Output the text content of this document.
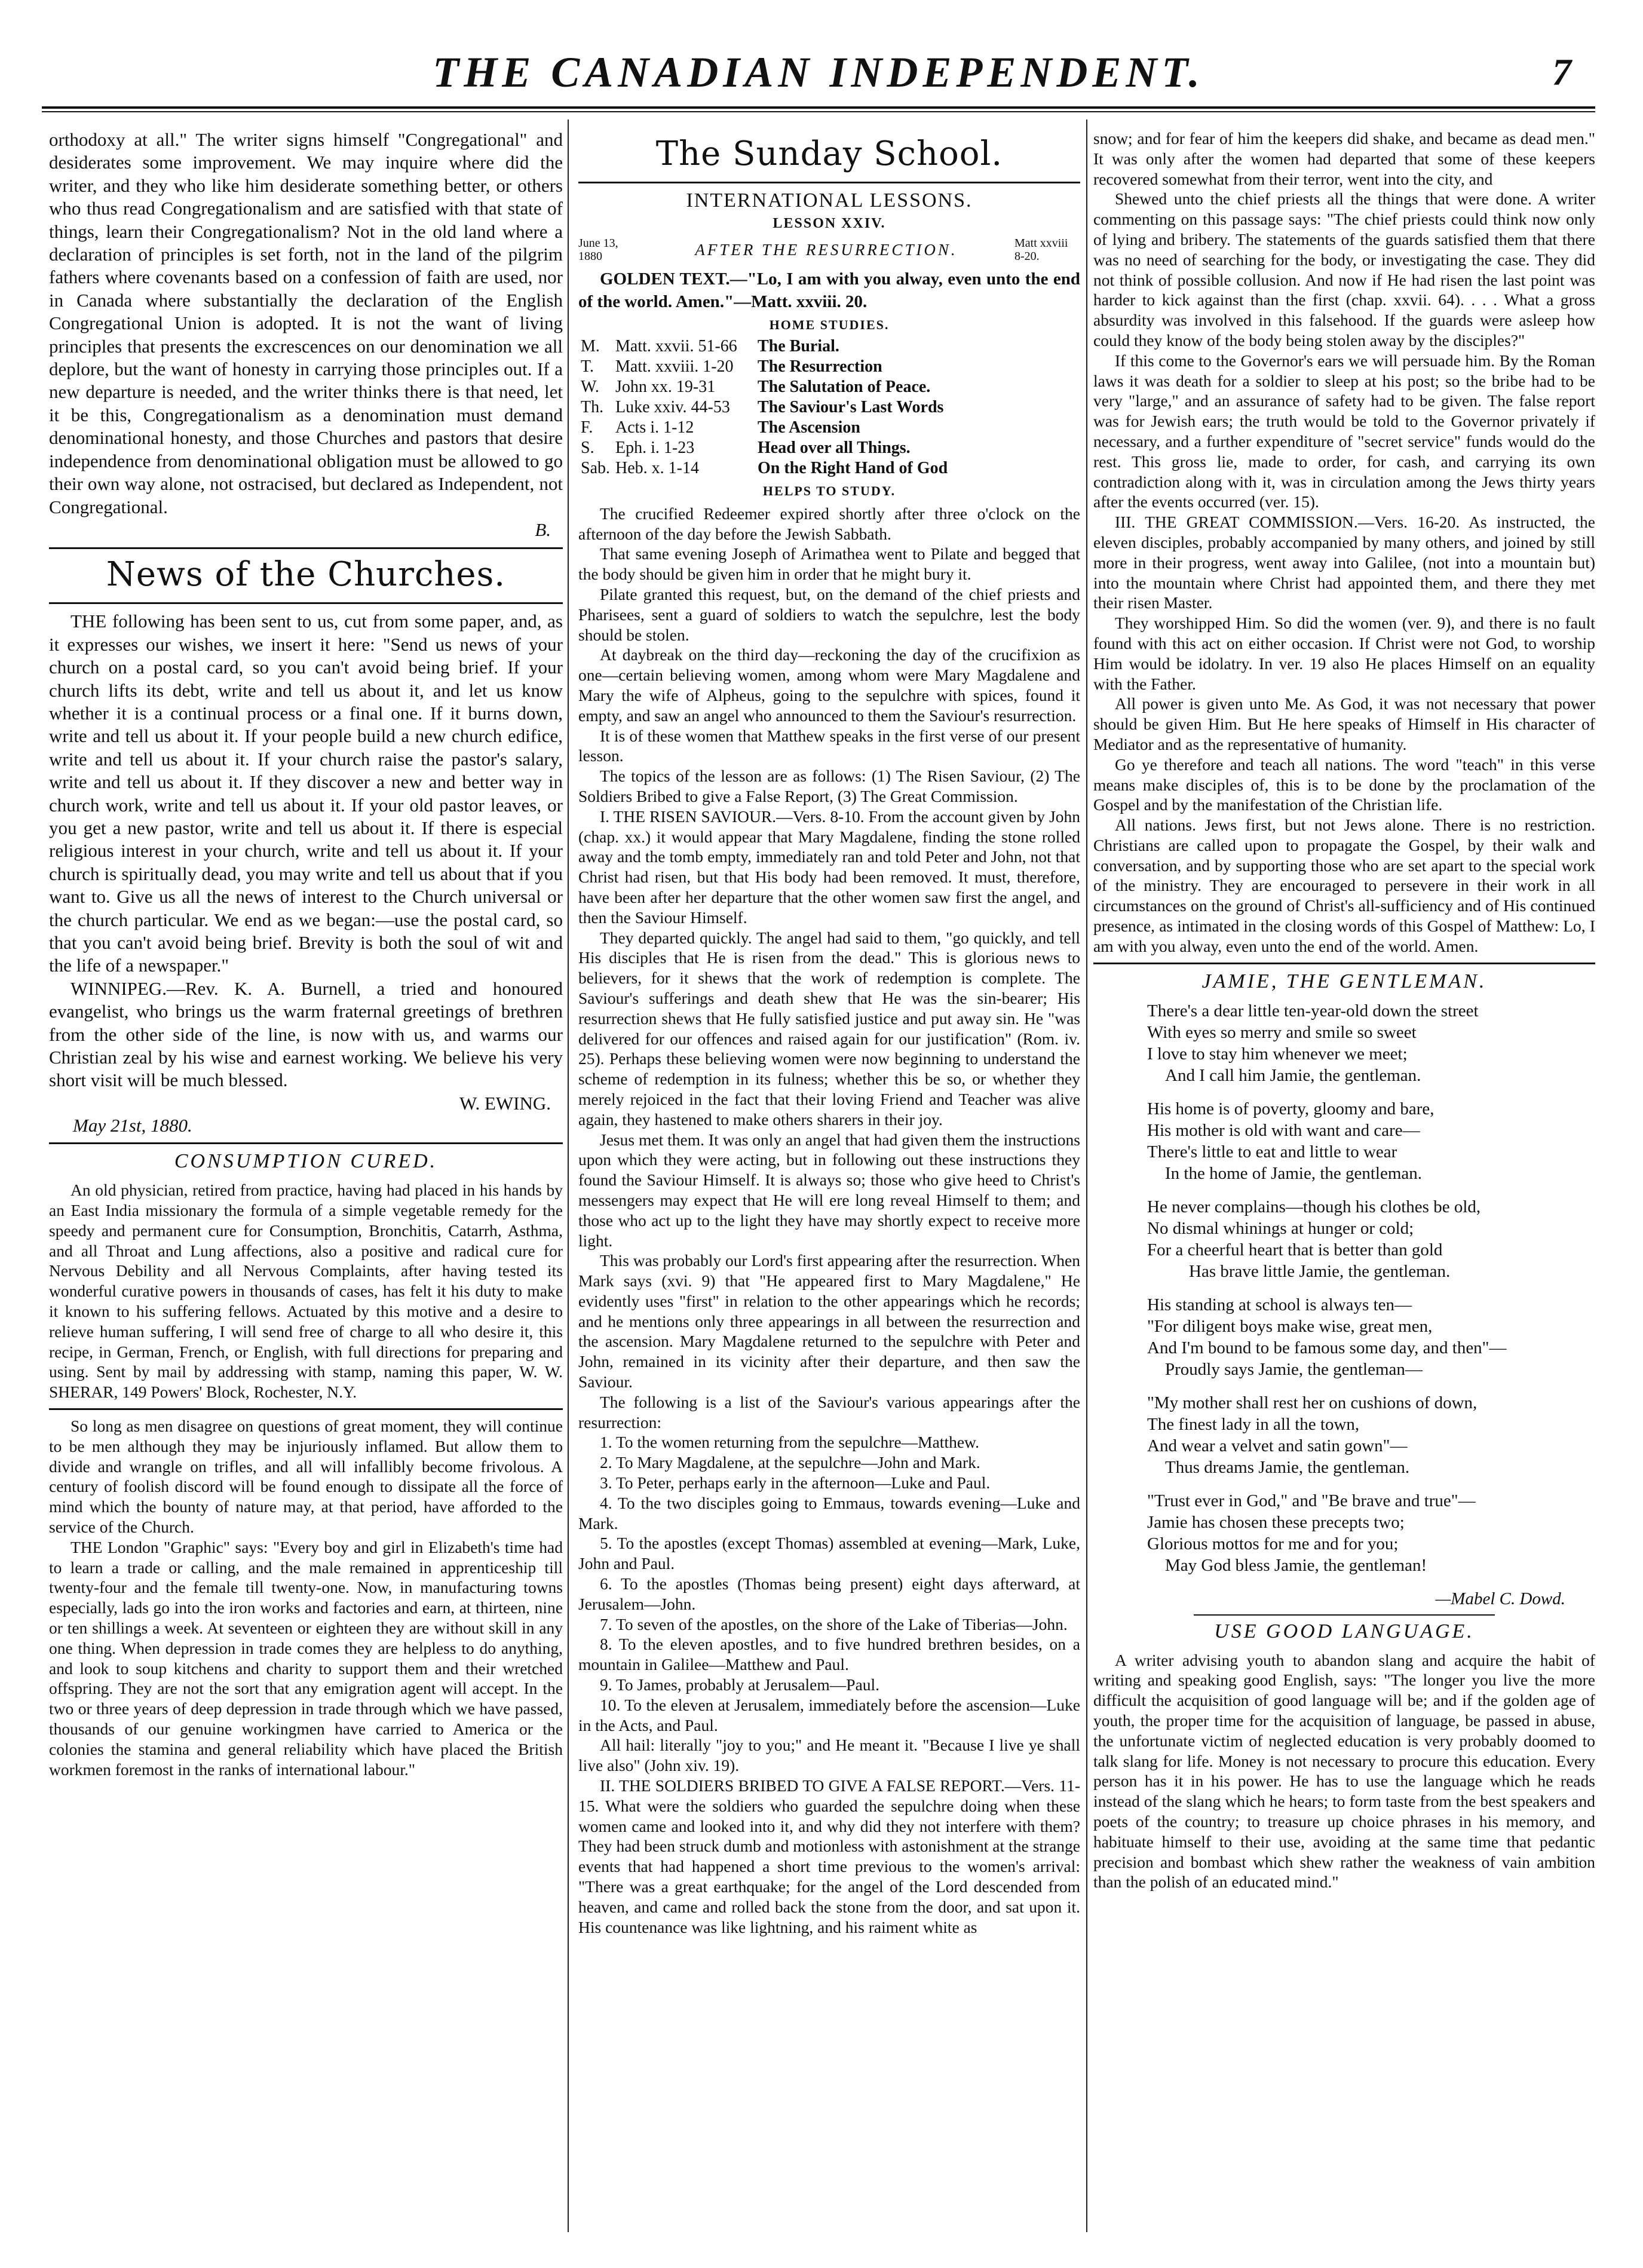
THE CANADIAN INDEPENDENT.	7

orthodoxy at all." The writer signs himself "Congregational" and desiderates some improvement. We may inquire where did the writer, and they who like him desiderate something better, or others who thus read Congregationalism and are satisfied with that state of things, learn their Congregationalism? Not in the old land where a declaration of principles is set forth, not in the land of the pilgrim fathers where covenants based on a confession of faith are used, nor in Canada where substantially the declaration of the English Congregational Union is adopted. It is not the want of living principles that presents the excrescences on our denomination we all deplore, but the want of honesty in carrying those principles out. If a new departure is needed, and the writer thinks there is that need, let it be this, Congregationalism as a denomination must demand denominational honesty, and those Churches and pastors that desire independence from denominational obligation must be allowed to go their own way alone, not ostracised, but declared as Independent, not Congregational.

B.

News of the Churches.

THE following has been sent to us, cut from some paper, and, as it expresses our wishes, we insert it here: "Send us news of your church on a postal card, so you can't avoid being brief. If your church lifts its debt, write and tell us about it, and let us know whether it is a continual process or a final one. If it burns down, write and tell us about it. If your people build a new church edifice, write and tell us about it. If your church raise the pastor's salary, write and tell us about it. If they discover a new and better way in church work, write and tell us about it. If your old pastor leaves, or you get a new pastor, write and tell us about it. If there is especial religious interest in your church, write and tell us about it. If your church is spiritually dead, you may write and tell us about that if you want to. Give us all the news of interest to the Church universal or the church particular. We end as we began:—use the postal card, so that you can't avoid being brief. Brevity is both the soul of wit and the life of a newspaper."

WINNIPEG.—Rev. K. A. Burnell, a tried and honoured evangelist, who brings us the warm fraternal greetings of brethren from the other side of the line, is now with us, and warms our Christian zeal by his wise and earnest working. We believe his very short visit will be much blessed.

W. EWING.

May 21st, 1880.

CONSUMPTION CURED.

An old physician, retired from practice, having had placed in his hands by an East India missionary the formula of a simple vegetable remedy for the speedy and permanent cure for Consumption, Bronchitis, Catarrh, Asthma, and all Throat and Lung affections, also a positive and radical cure for Nervous Debility and all Nervous Complaints, after having tested its wonderful curative powers in thousands of cases, has felt it his duty to make it known to his suffering fellows. Actuated by this motive and a desire to relieve human suffering, I will send free of charge to all who desire it, this recipe, in German, French, or English, with full directions for preparing and using. Sent by mail by addressing with stamp, naming this paper, W. W. SHERAR, 149 Powers' Block, Rochester, N.Y.

So long as men disagree on questions of great moment, they will continue to be men although they may be injuriously inflamed. But allow them to divide and wrangle on trifles, and all will infallibly become frivolous. A century of foolish discord will be found enough to dissipate all the force of mind which the bounty of nature may, at that period, have afforded to the service of the Church.

THE London "Graphic" says: "Every boy and girl in Elizabeth's time had to learn a trade or calling, and the male remained in apprenticeship till twenty-four and the female till twenty-one. Now, in manufacturing towns especially, lads go into the iron works and factories and earn, at thirteen, nine or ten shillings a week. At seventeen or eighteen they are without skill in any one thing. When depression in trade comes they are helpless to do anything, and look to soup kitchens and charity to support them and their wretched offspring. They are not the sort that any emigration agent will accept. In the two or three years of deep depression in trade through which we have passed, thousands of our genuine workingmen have carried to America or the colonies the stamina and general reliability which have placed the British workmen foremost in the ranks of international labour."

The Sunday School.
INTERNATIONAL LESSONS.
LESSON XXIV.
June 13, 1880	AFTER THE RESURRECTION.	Matt xxviii 8-20.

GOLDEN TEXT.—"Lo, I am with you alway, even unto the end of the world. Amen."—Matt. xxviii. 20.

HOME STUDIES.
M.	Matt. xxvii. 51-66	The Burial.
T.	Matt. xxviii. 1-20	The Resurrection
W.	John xx. 19-31	The Salutation of Peace.
Th.	Luke xxiv. 44-53	The Saviour's Last Words
F.	Acts i. 1-12	The Ascension
S.	Eph. i. 1-23	Head over all Things.
Sab.	Heb. x. 1-14	On the Right Hand of God
HELPS TO STUDY.

The crucified Redeemer expired shortly after three o'clock on the afternoon of the day before the Jewish Sabbath.

That same evening Joseph of Arimathea went to Pilate and begged that the body should be given him in order that he might bury it.

Pilate granted this request, but, on the demand of the chief priests and Pharisees, sent a guard of soldiers to watch the sepulchre, lest the body should be stolen.

At daybreak on the third day—reckoning the day of the crucifixion as one—certain believing women, among whom were Mary Magdalene and Mary the wife of Alpheus, going to the sepulchre with spices, found it empty, and saw an angel who announced to them the Saviour's resurrection.

It is of these women that Matthew speaks in the first verse of our present lesson.

The topics of the lesson are as follows: (1) The Risen Saviour, (2) The Soldiers Bribed to give a False Report, (3) The Great Commission.

I. THE RISEN SAVIOUR.—Vers. 8-10. From the account given by John (chap. xx.) it would appear that Mary Magdalene, finding the stone rolled away and the tomb empty, immediately ran and told Peter and John, not that Christ had risen, but that His body had been removed. It must, therefore, have been after her departure that the other women saw first the angel, and then the Saviour Himself.

They departed quickly. The angel had said to them, "go quickly, and tell His disciples that He is risen from the dead." This is glorious news to believers, for it shews that the work of redemption is complete. The Saviour's sufferings and death shew that He was the sin-bearer; His resurrection shews that He fully satisfied justice and put away sin. He "was delivered for our offences and raised again for our justification" (Rom. iv. 25). Perhaps these believing women were now beginning to understand the scheme of redemption in its fulness; whether this be so, or whether they merely rejoiced in the fact that their loving Friend and Teacher was alive again, they hastened to make others sharers in their joy.

Jesus met them. It was only an angel that had given them the instructions upon which they were acting, but in following out these instructions they found the Saviour Himself. It is always so; those who give heed to Christ's messengers may expect that He will ere long reveal Himself to them; and those who act up to the light they have may shortly expect to receive more light.

This was probably our Lord's first appearing after the resurrection. When Mark says (xvi. 9) that "He appeared first to Mary Magdalene," He evidently uses "first" in relation to the other appearings which he records; and he mentions only three appearings in all between the resurrection and the ascension. Mary Magdalene returned to the sepulchre with Peter and John, remained in its vicinity after their departure, and then saw the Saviour.

The following is a list of the Saviour's various appearings after the resurrection:

1. To the women returning from the sepulchre—Matthew.

2. To Mary Magdalene, at the sepulchre—John and Mark.

3. To Peter, perhaps early in the afternoon—Luke and Paul.

4. To the two disciples going to Emmaus, towards evening—Luke and Mark.

5. To the apostles (except Thomas) assembled at evening—Mark, Luke, John and Paul.

6. To the apostles (Thomas being present) eight days afterward, at Jerusalem—John.

7. To seven of the apostles, on the shore of the Lake of Tiberias—John.

8. To the eleven apostles, and to five hundred brethren besides, on a mountain in Galilee—Matthew and Paul.

9. To James, probably at Jerusalem—Paul.

10. To the eleven at Jerusalem, immediately before the ascension—Luke in the Acts, and Paul.

All hail: literally "joy to you;" and He meant it. "Because I live ye shall live also" (John xiv. 19).

II. THE SOLDIERS BRIBED TO GIVE A FALSE REPORT.—Vers. 11-15. What were the soldiers who guarded the sepulchre doing when these women came and looked into it, and why did they not interfere with them? They had been struck dumb and motionless with astonishment at the strange events that had happened a short time previous to the women's arrival: "There was a great earthquake; for the angel of the Lord descended from heaven, and came and rolled back the stone from the door, and sat upon it. His countenance was like lightning, and his raiment white as

snow; and for fear of him the keepers did shake, and became as dead men." It was only after the women had departed that some of these keepers recovered somewhat from their terror, went into the city, and

Shewed unto the chief priests all the things that were done. A writer commenting on this passage says: "The chief priests could think now only of lying and bribery. The statements of the guards satisfied them that there was no need of searching for the body, or investigating the case. They did not think of possible collusion. And now if He had risen the last point was harder to kick against than the first (chap. xxvii. 64). . . . What a gross absurdity was involved in this falsehood. If the guards were asleep how could they know of the body being stolen away by the disciples?"

If this come to the Governor's ears we will persuade him. By the Roman laws it was death for a soldier to sleep at his post; so the bribe had to be very "large," and an assurance of safety had to be given. The false report was for Jewish ears; the truth would be told to the Governor privately if necessary, and a further expenditure of "secret service" funds would do the rest. This gross lie, made to order, for cash, and carrying its own contradiction along with it, was in circulation among the Jews thirty years after the events occurred (ver. 15).

III. THE GREAT COMMISSION.—Vers. 16-20. As instructed, the eleven disciples, probably accompanied by many others, and joined by still more in their progress, went away into Galilee, (not into a mountain but) into the mountain where Christ had appointed them, and there they met their risen Master.

They worshipped Him. So did the women (ver. 9), and there is no fault found with this act on either occasion. If Christ were not God, to worship Him would be idolatry. In ver. 19 also He places Himself on an equality with the Father.

All power is given unto Me. As God, it was not necessary that power should be given Him. But He here speaks of Himself in His character of Mediator and as the representative of humanity.

Go ye therefore and teach all nations. The word "teach" in this verse means make disciples of, this is to be done by the proclamation of the Gospel and by the manifestation of the Christian life.

All nations. Jews first, but not Jews alone. There is no restriction. Christians are called upon to propagate the Gospel, by their walk and conversation, and by supporting those who are set apart to the special work of the ministry. They are encouraged to persevere in their work in all circumstances on the ground of Christ's all-sufficiency and of His continued presence, as intimated in the closing words of this Gospel of Matthew: Lo, I am with you alway, even unto the end of the world. Amen.

JAMIE, THE GENTLEMAN.
There's a dear little ten-year-old down the street
With eyes so merry and smile so sweet
I love to stay him whenever we meet;
And I call him Jamie, the gentleman.
His home is of poverty, gloomy and bare,
His mother is old with want and care—
There's little to eat and little to wear
In the home of Jamie, the gentleman.
He never complains—though his clothes be old,
No dismal whinings at hunger or cold;
For a cheerful heart that is better than gold
Has brave little Jamie, the gentleman.
His standing at school is always ten—
"For diligent boys make wise, great men,
And I'm bound to be famous some day, and then"—
Proudly says Jamie, the gentleman—
"My mother shall rest her on cushions of down,
The finest lady in all the town,
And wear a velvet and satin gown"—
Thus dreams Jamie, the gentleman.
"Trust ever in God," and "Be brave and true"—
Jamie has chosen these precepts two;
Glorious mottos for me and for you;
May God bless Jamie, the gentleman!
—Mabel C. Dowd.
USE GOOD LANGUAGE.

A writer advising youth to abandon slang and acquire the habit of writing and speaking good English, says: "The longer you live the more difficult the acquisition of good language will be; and if the golden age of youth, the proper time for the acquisition of language, be passed in abuse, the unfortunate victim of neglected education is very probably doomed to talk slang for life. Money is not necessary to procure this education. Every person has it in his power. He has to use the language which he reads instead of the slang which he hears; to form taste from the best speakers and poets of the country; to treasure up choice phrases in his memory, and habituate himself to their use, avoiding at the same time that pedantic precision and bombast which shew rather the weakness of vain ambition than the polish of an educated mind."
